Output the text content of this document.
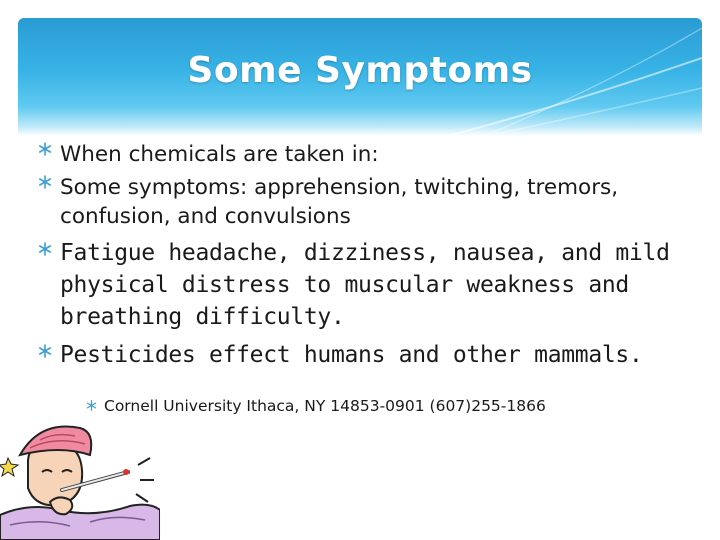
Some Symptoms
When chemicals are taken in:
Some symptoms: apprehension, twitching, tremors, confusion, and convulsions
Fatigue headache, dizziness, nausea, and mild physical distress to muscular weakness and breathing difficulty.
Pesticides effect humans and other mammals.
Cornell University Ithaca, NY 14853-0901 (607)255-1866
